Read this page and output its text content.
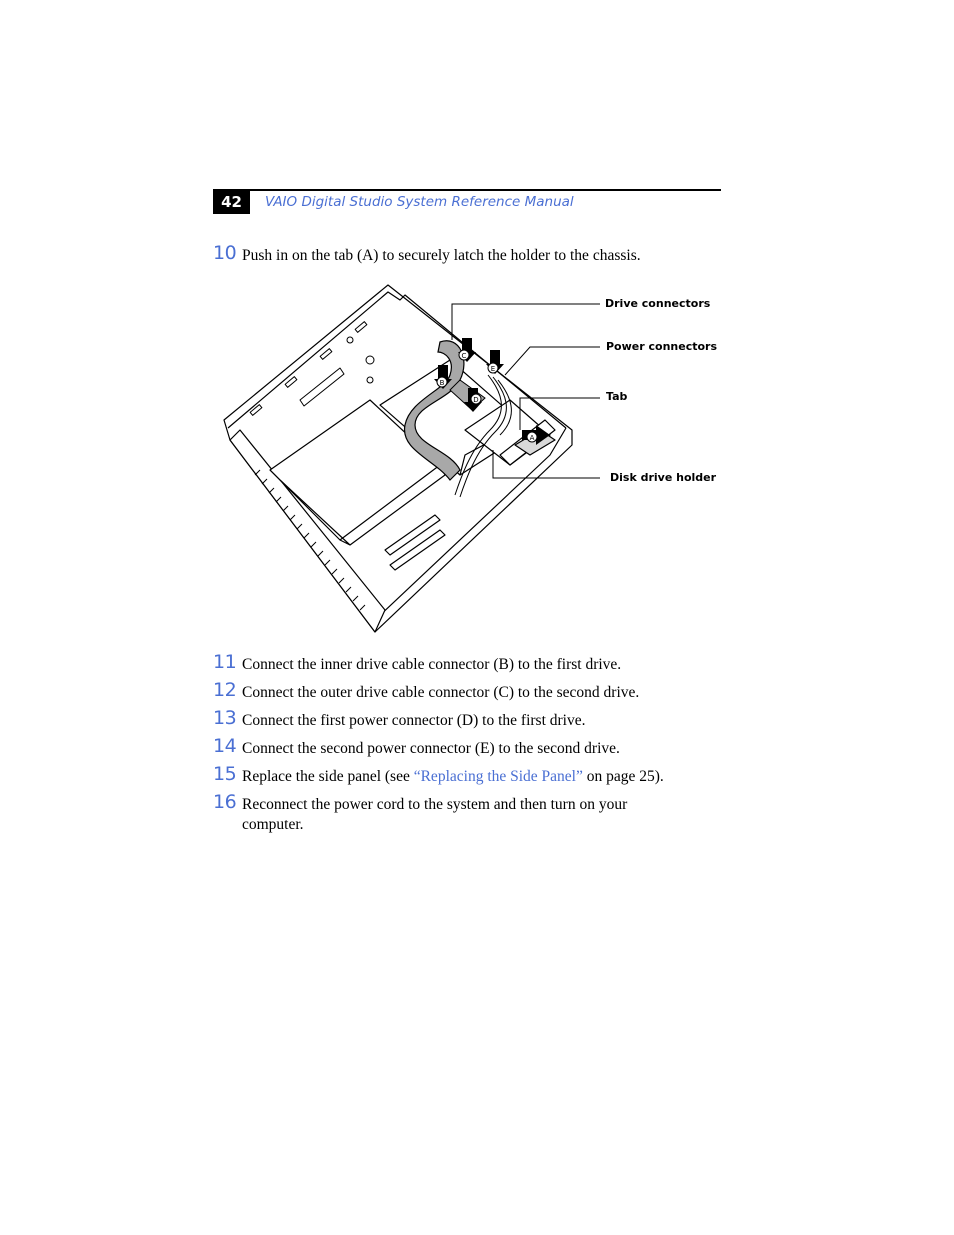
42	VAIO Digital Studio System Reference Manual
10 Push in on the tab (A) to securely latch the holder to the chassis.
C
E
B
D
A
Drive connectors
Power connectors
Tab
Disk drive holder
11 Connect the inner drive cable connector (B) to the first drive.
12 Connect the outer drive cable connector (C) to the second drive.
13 Connect the first power connector (D) to the first drive.
14 Connect the second power connector (E) to the second drive.
15 Replace the side panel (see “Replacing the Side Panel” on page 25).
16 Reconnect the power cord to the system and then turn on your computer.
